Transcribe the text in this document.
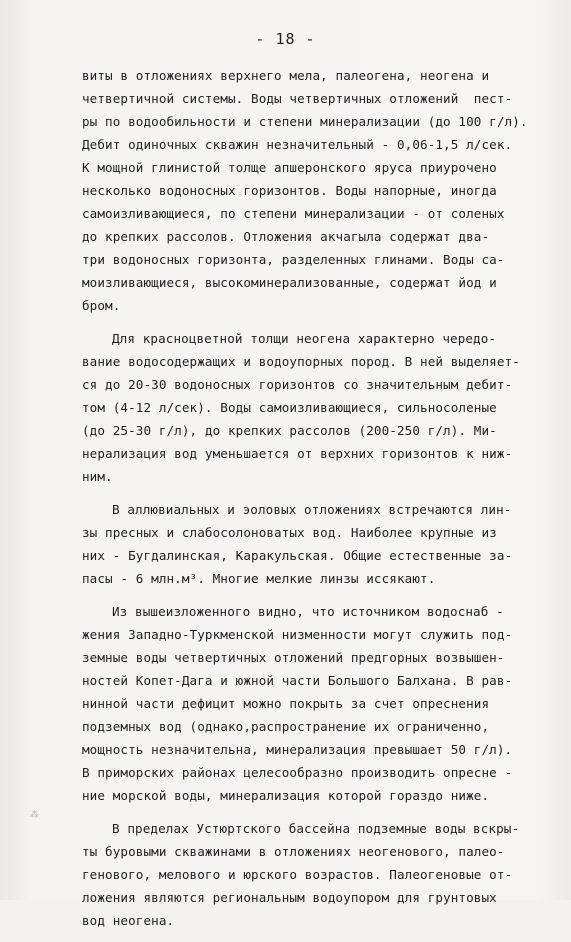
- 18 -
виты в отложениях верхнего мела, палеогена, неогена и
четвертичной системы. Воды четвертичных отложений  пест-
ры по водообильности и степени минерализации (до 100 г/л).
Дебит одиночных скважин незначительный - 0,06-1,5 л/сек.
К мощной глинистой толще апшеронского яруса приурочено
несколько водоносных горизонтов. Воды напорные, иногда
самоизливающиеся, по степени минерализации - от соленых
до крепких рассолов. Отложения акчагыла содержат два-
три водоносных горизонта, разделенных глинами. Воды са-
моизливающиеся, высокоминерализованные, содержат йод и
бром.
Для красноцветной толщи неогена характерно чередо-
вание водосодержащих и водоупорных пород. В ней выделяет-
ся до 20-30 водоносных горизонтов со значительным дебит-
том (4-12 л/сек). Воды самоизливающиеся, сильносоленые
(до 25-30 г/л), до крепких рассолов (200-250 г/л). Ми-
нерализация вод уменьшается от верхних горизонтов к ниж-
ним.
В аллювиальных и эоловых отложениях встречаются лин-
зы пресных и слабосолоноватых вод. Наиболее крупные из
них - Бугдалинская, Каракульская. Общие естественные за-
пасы - 6 млн.м³. Многие мелкие линзы иссякают.
Из вышеизложенного видно, что источником водоснаб -
жения Западно-Туркменской низменности могут служить под-
земные воды четвертичных отложений предгорных возвышен-
ностей Копет-Дага и южной части Большого Балхана. В рав-
нинной части дефицит можно покрыть за счет опреснения
подземных вод (однако,распространение их ограниченно,
мощность незначительна, минерализация превышает 50 г/л).
В приморских районах целесообразно производить опресне -
ние морской воды, минерализация которой гораздо ниже.
В пределах Устюртского бассейна подземные воды вскры-
ты буровыми скважинами в отложениях неогенового, палео-
генового, мелового и юрского возрастов. Палеогеновые от-
ложения являются региональным водоупором для грунтовых
вод неогена.
⁂
